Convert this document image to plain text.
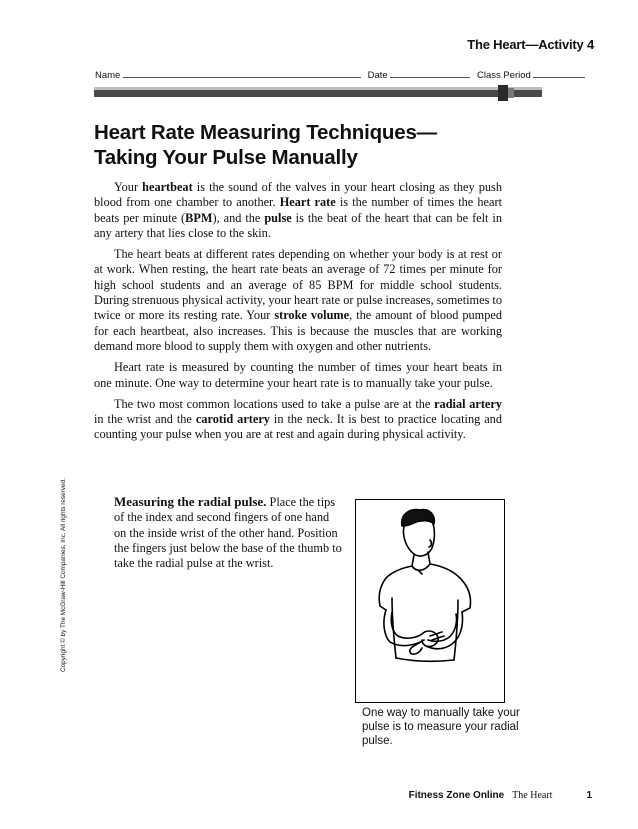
The Heart—Activity 4
Name	Date	Class Period
Heart Rate Measuring Techniques—
Taking Your Pulse Manually

Your heartbeat is the sound of the valves in your heart closing as they push blood from one chamber to another. Heart rate is the number of times the heart beats per minute (BPM), and the pulse is the beat of the heart that can be felt in any artery that lies close to the skin.

The heart beats at different rates depending on whether your body is at rest or at work. When resting, the heart rate beats an average of 72 times per minute for high school students and an average of 85 BPM for middle school students. During strenuous physical activity, your heart rate or pulse increases, sometimes to twice or more its resting rate. Your stroke volume, the amount of blood pumped for each heartbeat, also increases. This is because the muscles that are working demand more blood to supply them with oxygen and other nutrients.

Heart rate is measured by counting the number of times your heart beats in one minute. One way to determine your heart rate is to manually take your pulse.

The two most common locations used to take a pulse are at the radial artery in the wrist and the carotid artery in the neck. It is best to practice locating and counting your pulse when you are at rest and again during physical activity.

Measuring the radial pulse. Place the tips of the index and second fingers of one hand on the inside wrist of the other hand. Position the fingers just below the base of the thumb to take the radial pulse at the wrist.
One way to manually take your pulse is to measure your radial pulse.
Copyright © by The McGraw-Hill Companies, Inc. All rights reserved.
Fitness Zone Online The Heart	1
